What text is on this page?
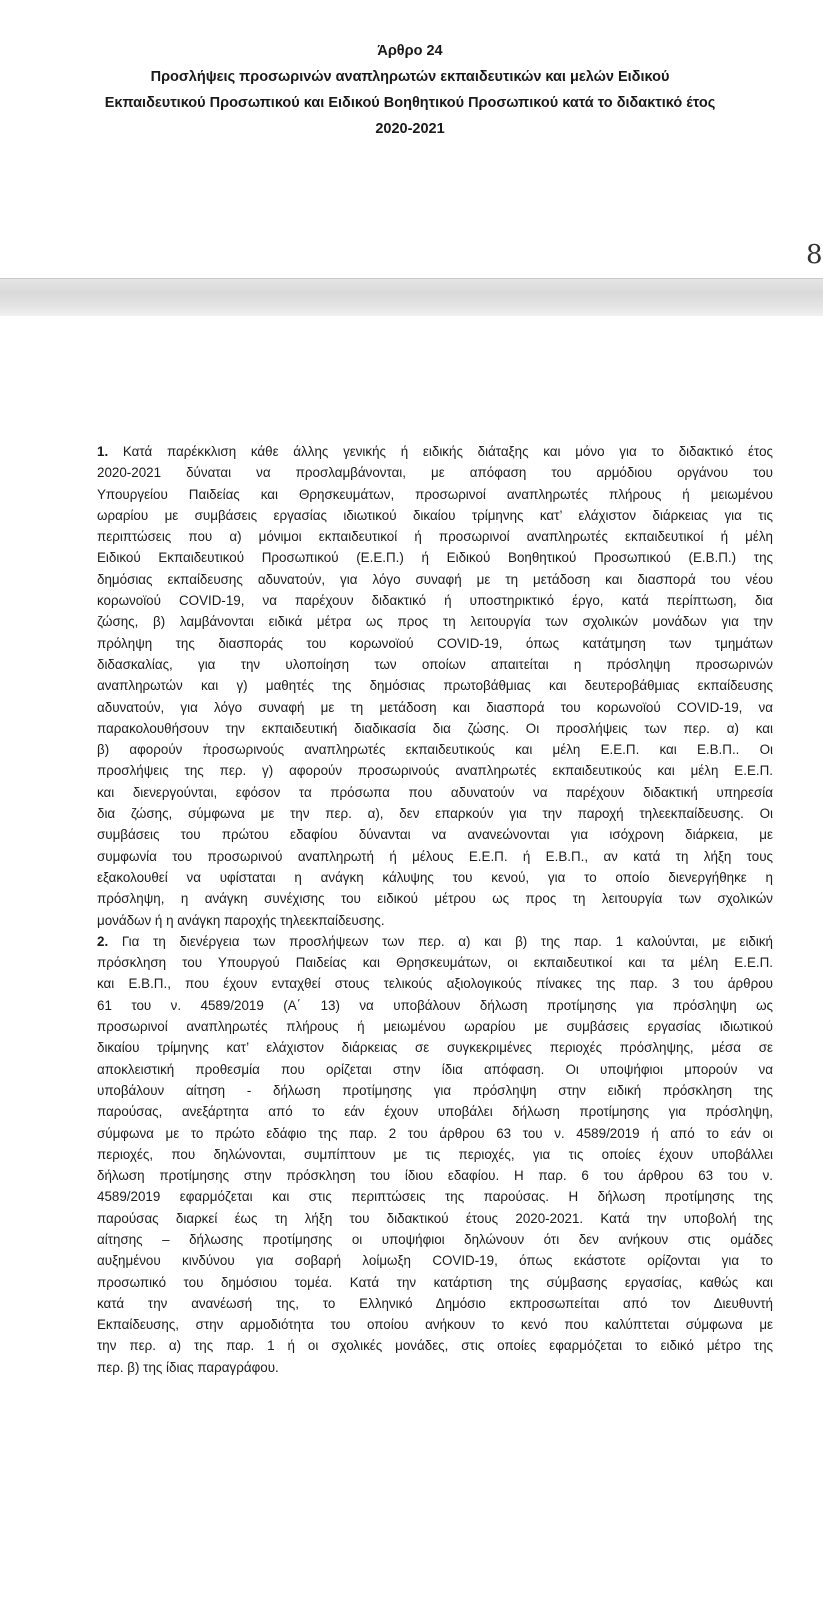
Άρθρο 24
Προσλήψεις προσωρινών αναπληρωτών εκπαιδευτικών και μελών Ειδικού
Εκπαιδευτικού Προσωπικού και Ειδικού Βοηθητικού Προσωπικού κατά το διδακτικό έτος
2020-2021
8
1. Κατά παρέκκλιση κάθε άλλης γενικής ή ειδικής διάταξης και μόνο για το διδακτικό έτος
2020-2021 δύναται να προσλαμβάνονται, με απόφαση του αρμόδιου οργάνου του
Υπουργείου Παιδείας και Θρησκευμάτων, προσωρινοί αναπληρωτές πλήρους ή μειωμένου
ωραρίου με συμβάσεις εργασίας ιδιωτικού δικαίου τρίμηνης κατ’ ελάχιστον διάρκειας για τις
περιπτώσεις που α) μόνιμοι εκπαιδευτικοί ή προσωρινοί αναπληρωτές εκπαιδευτικοί ή μέλη
Ειδικού Εκπαιδευτικού Προσωπικού (Ε.Ε.Π.) ή Ειδικού Βοηθητικού Προσωπικού (Ε.Β.Π.) της
δημόσιας εκπαίδευσης αδυνατούν, για λόγο συναφή με τη μετάδοση και διασπορά του νέου
κορωνοϊού COVID-19, να παρέχουν διδακτικό ή υποστηρικτικό έργο, κατά περίπτωση, δια
ζώσης, β) λαμβάνονται ειδικά μέτρα ως προς τη λειτουργία των σχολικών μονάδων για την
πρόληψη της διασποράς του κορωνοϊού COVID-19, όπως κατάτμηση των τμημάτων
διδασκαλίας, για την υλοποίηση των οποίων απαιτείται η πρόσληψη προσωρινών
αναπληρωτών και γ) μαθητές της δημόσιας πρωτοβάθμιας και δευτεροβάθμιας εκπαίδευσης
αδυνατούν, για λόγο συναφή με τη μετάδοση και διασπορά του κορωνοϊού COVID-19, να
παρακολουθήσουν την εκπαιδευτική διαδικασία δια ζώσης. Οι προσλήψεις των περ. α) και
β) αφορούν προσωρινούς αναπληρωτές εκπαιδευτικούς και μέλη Ε.Ε.Π. και Ε.Β.Π.. Οι
προσλήψεις της περ. γ) αφορούν προσωρινούς αναπληρωτές εκπαιδευτικούς και μέλη Ε.Ε.Π.
και διενεργούνται, εφόσον τα πρόσωπα που αδυνατούν να παρέχουν διδακτική υπηρεσία
δια ζώσης, σύμφωνα με την περ. α), δεν επαρκούν για την παροχή τηλεεκπαίδευσης. Οι
συμβάσεις του πρώτου εδαφίου δύνανται να ανανεώνονται για ισόχρονη διάρκεια, με
συμφωνία του προσωρινού αναπληρωτή ή μέλους Ε.Ε.Π. ή Ε.Β.Π., αν κατά τη λήξη τους
εξακολουθεί να υφίσταται η ανάγκη κάλυψης του κενού, για το οποίο διενεργήθηκε η
πρόσληψη, η ανάγκη συνέχισης του ειδικού μέτρου ως προς τη λειτουργία των σχολικών
μονάδων ή η ανάγκη παροχής τηλεεκπαίδευσης.
2. Για τη διενέργεια των προσλήψεων των περ. α) και β) της παρ. 1 καλούνται, με ειδική
πρόσκληση του Υπουργού Παιδείας και Θρησκευμάτων, οι εκπαιδευτικοί και τα μέλη Ε.Ε.Π.
και Ε.Β.Π., που έχουν ενταχθεί στους τελικούς αξιολογικούς πίνακες της παρ. 3 του άρθρου
61 του ν. 4589/2019 (Α΄ 13) να υποβάλουν δήλωση προτίμησης για πρόσληψη ως
προσωρινοί αναπληρωτές πλήρους ή μειωμένου ωραρίου με συμβάσεις εργασίας ιδιωτικού
δικαίου τρίμηνης κατ’ ελάχιστον διάρκειας σε συγκεκριμένες περιοχές πρόσληψης, μέσα σε
αποκλειστική προθεσμία που ορίζεται στην ίδια απόφαση. Οι υποψήφιοι μπορούν να
υποβάλουν αίτηση - δήλωση προτίμησης για πρόσληψη στην ειδική πρόσκληση της
παρούσας, ανεξάρτητα από το εάν έχουν υποβάλει δήλωση προτίμησης για πρόσληψη,
σύμφωνα με το πρώτο εδάφιο της παρ. 2 του άρθρου 63 του ν. 4589/2019 ή από το εάν οι
περιοχές, που δηλώνονται, συμπίπτουν με τις περιοχές, για τις οποίες έχουν υποβάλλει
δήλωση προτίμησης στην πρόσκληση του ίδιου εδαφίου. Η παρ. 6 του άρθρου 63 του ν.
4589/2019 εφαρμόζεται και στις περιπτώσεις της παρούσας. Η δήλωση προτίμησης της
παρούσας διαρκεί έως τη λήξη του διδακτικού έτους 2020-2021. Κατά την υποβολή της
αίτησης – δήλωσης προτίμησης οι υποψήφιοι δηλώνουν ότι δεν ανήκουν στις ομάδες
αυξημένου κινδύνου για σοβαρή λοίμωξη COVID-19, όπως εκάστοτε ορίζονται για το
προσωπικό του δημόσιου τομέα. Κατά την κατάρτιση της σύμβασης εργασίας, καθώς και
κατά την ανανέωσή της, το Ελληνικό Δημόσιο εκπροσωπείται από τον Διευθυντή
Εκπαίδευσης, στην αρμοδιότητα του οποίου ανήκουν το κενό που καλύπτεται σύμφωνα με
την περ. α) της παρ. 1 ή οι σχολικές μονάδες, στις οποίες εφαρμόζεται το ειδικό μέτρο της
περ. β) της ίδιας παραγράφου.
